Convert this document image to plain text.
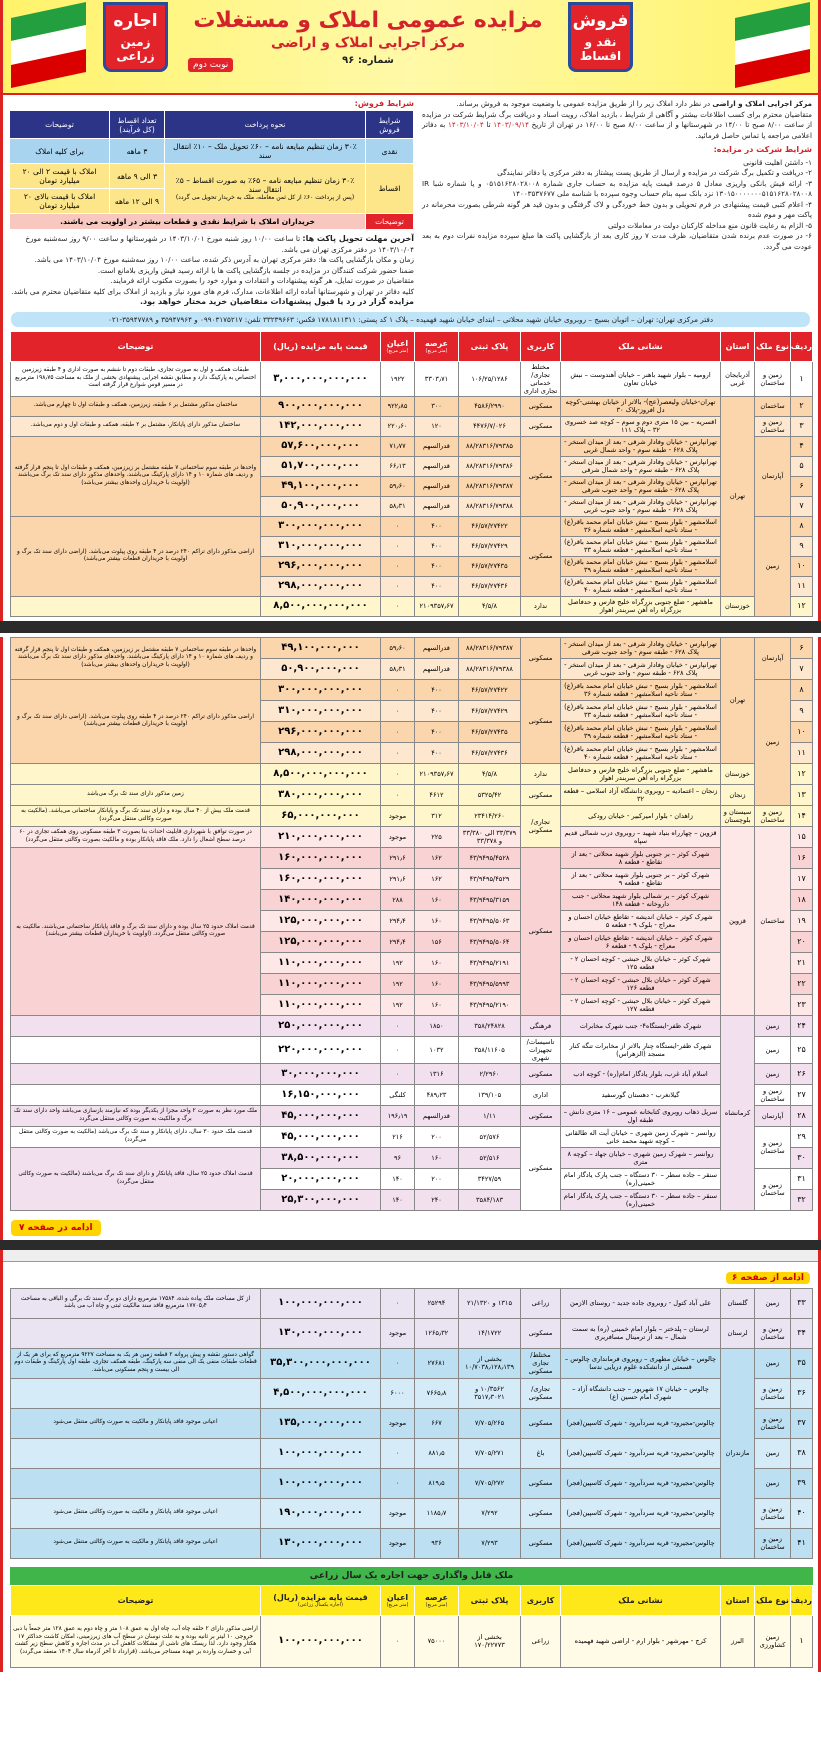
فروش
نقد و اقساط
اجاره
زمین زراعی
مزایده عمومی املاک و مستغلات
مرکز اجرایی املاک و اراضی
شماره: ۹۶
نوبت دوم

مرکز اجرایی املاک و اراضی در نظر دارد املاک زیر را از طریق مزایده عمومی با وضعیت موجود به فروش برساند.

متقاضیان محترم برای کسب اطلاعات بیشتر و آگاهی از شرایط ، بازدید املاک، رویت اسناد و دریافت برگ شرایط شرکت در مزایده از ساعت ۸/۰۰ صبح تا ۱۴/۰۰ در شهرستانها و از ساعت ۸/۰۰ صبح تا ۱۶/۰۰ در تهران از تاریخ ۱۴۰۳/۰۹/۱۴ تا ۱۴۰۳/۱۰/۰۴ به دفاتر اعلامی مراجعه یا تماس حاصل فرمائید.

شرایط شرکت در مزایده:
۱- داشتن اهلیت قانونی
۲- دریافت و تکمیل برگ شرکت در مزایده و ارسال از طریق پست پیشتاز به دفتر مرکزی یا دفاتر نمایندگی
۳- ارائه فیش بانکی واریزی معادل ۵ درصد قیمت پایه مزایده به حساب جاری شماره ۰۵۱۵۱۶۲۸۰۲۸۰۰۸ و یا شماره شبا IR ۱۳۰۱۵۰۰۰۰۰۰۰۵۱۵۱۶۲۸۰۲۸۰۰۸ نزد بانک سپه بنام حساب وجوه سپرده با شناسه ملی ۱۴۰۰۳۵۳۷۶۷۷
۴- اعلام کتبی قیمت پیشنهادی در فرم تحویلی و بدون خط خوردگی و لاک گرفتگی و بدون قید هر گونه شرطی بصورت محرمانه در پاکت مهر و موم شده
۵- الزام به رعایت قانون منع مداخله کارکنان دولت در معاملات دولتی
۶- در صورت عدم برنده شدن متقاضیان، ظرف مدت ۷ روز کاری بعد از بازگشایی پاکت ها مبلغ سپرده مزایده نفرات دوم به بعد عودت می گردد.
شرایط فروش:
شرایط فروش	نحوه پرداخت	تعداد اقساط (کل فرآیند)	توضیحات
نقدی	۳۰٪ زمان تنظیم مبایعه نامه – ۶۰٪ تحویل ملک – ۱۰٪ انتقال سند	۳ ماهه	برای کلیه املاک
اقساط	۳۰٪ زمان تنظیم مبایعه نامه – ۶۵٪ به صورت اقساط – ۵٪ انتقال سند
(پس از پرداخت ۶۰٪ از کل ثمن معامله، ملک به خریدار تحویل می گردد)	۳ الی ۹ ماهه	املاک با قیمت ۲ الی ۲۰ میلیارد تومان
		۹ الی ۱۲ ماهه	املاک با قیمت بالای ۲۰ میلیارد تومان
توضیحات	خریداران املاک با شرایط نقدی و قطعات بیشتر در اولویت می باشند.		
آخرین مهلت تحویل پاکت ها: تا ساعت ۱۰/۰۰ روز شنبه مورخ ۱۴۰۳/۱۰/۰۱ در شهرستانها و ساعت ۹/۰۰ روز سه‌شنبه مورخ ۱۴۰۳/۱۰/۰۴ در دفتر مرکزی تهران می باشد.
زمان و مکان بازگشایی پاکت ها: دفتر مرکزی تهران به آدرس ذکر شده، ساعت ۱۰/۰۰ روز سه‌شنبه مورخ ۱۴۰۳/۱۰/۰۴ می باشد.
ضمنا حضور شرکت کنندگان در مزایده در جلسه بازگشایی پاکت ها با ارائه رسید فیش واریزی بلامانع است.
متقاضیان در صورت تمایل، هر گونه پیشنهادات و انتقادات و موارد خود را بصورت مکتوب ارائه فرمایند.
کلیه دفاتر در تهران و شهرستانها آماده ارائه اطلاعات، مدارک، فرم های مورد نیاز و بازدید از املاک برای کلیه متقاضیان محترم می باشد.
مزایده گزار در رد یا قبول پیشنهادات متقاضیان خرید مختار خواهد بود.
دفتر مرکزی تهران: تهران – اتوبان بسیج – روبروی خیابان شهید محلاتی – ابتدای خیابان شهید فهمیده – پلاک ۱ کد پستی: ۱۷۸۱۸۱۱۳۱۱ فکس: ۳۳۲۳۹۶۶۳ تلفن: ۰۹۹۰۳۱۷۵۲۱۷ و ۳۵۹۴۷۹۶۴ و ۳۵۹۴۷۷۸۹-۰۲۱
ردیف	نوع ملک	استان	نشانی ملک	کاربری	پلاک ثبتی	عرصه
(متر مربع)	اعیان
(متر مربع)	قیمت پایه مزایده (ریال)	توضیحات
۱	زمین و ساختمان	آذربایجان غربی	ارومیه – بلوار شهید باهنر – خیابان آهندوست – نبش خیابان تعاون	مختلط تجاری/خدماتی تجاری اداری	۱۰۶/۲۵/۱۲۸۶	۳۳۰۳٫۷۱	۱۹۲۲	۳,۰۰۰,۰۰۰,۰۰۰,۰۰۰	طبقات همکف و اول به صورت تجاری، طبقات دوم تا ششم به صورت اداری و ۴ طبقه زیرزمین اختصاص به پارکینگ دارد و مطابق نقشه اجرایی پیشنهادی بخشی از ملک به مساحت ۱۹۸٫۷۵ مترمربع در مسیر قوس شوارع قرار گرفته است
۲	ساختمان	تهران	تهران-خیابان ولیعصر(عج)- بالاتر از خیابان بهشتی-کوچه دل افروز-پلاک ۳۰	مسکونی	۴۵۸۶/۲۹۹۰	۳۰۰	۹۲۲٫۸۵	۹۰۰,۰۰۰,۰۰۰,۰۰۰	ساختمان مذکور مشتمل بر ۶ طبقه، زیرزمین، همکف و طبقات اول تا چهارم می‌باشد.
۳	زمین و ساختمان		اقسریه – بین ۱۵ متری دوم و سوم – کوچه صد خسروی ۳۲ – پلاک ۱۱۱	مسکونی	۴۴۷۶/۷/۰۲۶	۱۲۰	۲۲۰٫۶۰	۱۴۲,۰۰۰,۰۰۰,۰۰۰	ساختمان مذکور دارای پایانکار، مشتمل بر ۲ طبقه، همکف و طبقات اول و دوم می‌باشد.
۴	آپارتمان		تهرانپارس - خیابان وفادار شرقی - بعد از میدان استخر - پلاک ۶۲۸ - طبقه سوم - واحد شمال غربی	مسکونی	۸۸/۲۸۳۱۶/۷۹۳۸۵	قدرالسهم	۷۱٫۷۷	۵۷,۶۰۰,۰۰۰,۰۰۰	واحدها در طبقه سوم ساختمانی ۷ طبقه مشتمل بر زیرزمین، همکف و طبقات اول تا پنجم قرار گرفته و ردیف های شماره ۱۰ و ۱۴ دارای پارکینگ می‌باشند. واحدهای مذکور دارای سند تک برگ می‌باشند (اولویت با خریداران واحدهای بیشتر می‌باشد)
۵			تهرانپارس - خیابان وفادار شرقی - بعد از میدان استخر - پلاک ۶۲۸ - طبقه سوم - واحد شمال شرقی		۸۸/۲۸۳۱۶/۷۹۳۸۶	قدرالسهم	۶۶٫۱۳	۵۱,۷۰۰,۰۰۰,۰۰۰	
۶			تهرانپارس - خیابان وفادار شرقی - بعد از میدان استخر - پلاک ۶۲۸ - طبقه سوم - واحد جنوب شرقی		۸۸/۲۸۳۱۶/۷۹۳۸۷	قدرالسهم	۵۹٫۶۰	۴۹,۱۰۰,۰۰۰,۰۰۰	
۷			تهرانپارس - خیابان وفادار شرقی - بعد از میدان استخر - پلاک ۶۲۸ - طبقه سوم - واحد جنوب غربی		۸۸/۲۸۳۱۶/۷۹۳۸۸	قدرالسهم	۵۸٫۳۱	۵۰,۹۰۰,۰۰۰,۰۰۰	
۸	زمین		اسلامشهر - بلوار بسیج - نبش خیابان امام محمد باقر(ع) - ستاد ناحیه اسلامشهر - قطعه شماره ۳۶	مسکونی	۴۶/۵۷/۲۷۴۲۲	۴۰۰	۰	۳۰۰,۰۰۰,۰۰۰,۰۰۰	اراضی مذکور دارای تراکم ۲۴۰ درصد در ۴ طبقه روی پیلوت می‌باشد. (اراضی دارای سند تک برگ و اولویت با خریداران قطعات بیشتر می‌باشد)
۹			اسلامشهر - بلوار بسیج - نبش خیابان امام محمد باقر(ع) - ستاد ناحیه اسلامشهر - قطعه شماره ۳۳		۴۶/۵۷/۲۷۴۲۹	۴۰۰	۰	۳۱۰,۰۰۰,۰۰۰,۰۰۰	
۱۰			اسلامشهر - بلوار بسیج - نبش خیابان امام محمد باقر(ع) - ستاد ناحیه اسلامشهر - قطعه شماره ۳۹		۴۶/۵۷/۲۷۴۳۵	۴۰۰	۰	۲۹۶,۰۰۰,۰۰۰,۰۰۰	
۱۱			اسلامشهر - بلوار بسیج - نبش خیابان امام محمد باقر(ع) - ستاد ناحیه اسلامشهر - قطعه شماره ۴۰		۴۶/۵۷/۲۷۴۳۶	۴۰۰	۰	۲۹۸,۰۰۰,۰۰۰,۰۰۰	
۱۲		خوزستان	ماهشهر - ضلع جنوبی بزرگراه خلیج فارس و حدفاصل بزرگراه راه آهن سربندر اهواز	ندارد	۴/۵/۸	۲۱۰۹۳۵۷٫۶۷	۰	۸,۵۰۰,۰۰۰,۰۰۰,۰۰۰	
۶	آپارتمان	تهران	تهرانپارس - خیابان وفادار شرقی - بعد از میدان استخر - پلاک ۶۲۸ - طبقه سوم - واحد جنوب شرقی	مسکونی	۸۸/۲۸۳۱۶/۷۹۳۸۷	قدرالسهم	۵۹٫۶۰	۴۹,۱۰۰,۰۰۰,۰۰۰	واحدها در طبقه سوم ساختمانی ۷ طبقه مشتمل بر زیرزمین، همکف و طبقات اول تا پنجم قرار گرفته و ردیف های شماره ۱۰ و ۱۴ دارای پارکینگ می‌باشند. واحدهای مذکور دارای سند تک برگ می‌باشند (اولویت با خریداران واحدهای بیشتر می‌باشد)
۷			تهرانپارس - خیابان وفادار شرقی - بعد از میدان استخر - پلاک ۶۲۸ - طبقه سوم - واحد جنوب غربی		۸۸/۲۸۳۱۶/۷۹۳۸۸	قدرالسهم	۵۸٫۳۱	۵۰,۹۰۰,۰۰۰,۰۰۰	
۸	زمین		اسلامشهر - بلوار بسیج - نبش خیابان امام محمد باقر(ع) - ستاد ناحیه اسلامشهر - قطعه شماره ۳۶	مسکونی	۴۶/۵۷/۲۷۴۲۲	۴۰۰	۰	۳۰۰,۰۰۰,۰۰۰,۰۰۰	اراضی مذکور دارای تراکم ۲۴۰ درصد در ۴ طبقه روی پیلوت می‌باشد. (اراضی دارای سند تک برگ و اولویت با خریداران قطعات بیشتر می‌باشد)
۹			اسلامشهر - بلوار بسیج - نبش خیابان امام محمد باقر(ع) - ستاد ناحیه اسلامشهر - قطعه شماره ۳۳		۴۶/۵۷/۲۷۴۲۹	۴۰۰	۰	۳۱۰,۰۰۰,۰۰۰,۰۰۰	
۱۰			اسلامشهر - بلوار بسیج - نبش خیابان امام محمد باقر(ع) - ستاد ناحیه اسلامشهر - قطعه شماره ۳۹		۴۶/۵۷/۲۷۴۳۵	۴۰۰	۰	۲۹۶,۰۰۰,۰۰۰,۰۰۰	
۱۱			اسلامشهر - بلوار بسیج - نبش خیابان امام محمد باقر(ع) - ستاد ناحیه اسلامشهر - قطعه شماره ۴۰		۴۶/۵۷/۲۷۴۳۶	۴۰۰	۰	۲۹۸,۰۰۰,۰۰۰,۰۰۰	
۱۲		خوزستان	ماهشهر - ضلع جنوبی بزرگراه خلیج فارس و حدفاصل بزرگراه راه آهن سربندر اهواز	ندارد	۴/۵/۸	۲۱۰۹۳۵۷٫۶۷	۰	۸,۵۰۰,۰۰۰,۰۰۰,۰۰۰	
۱۳		زنجان	زنجان – اعتمادیه – روبروی دانشگاه آزاد اسلامی – قطعه ۳۲	مسکونی	۵۳۲۵/۴۲	۴۶۱۲	۰	۳۸۰,۰۰۰,۰۰۰,۰۰۰	زمین مذکور دارای سند تک برگ می‌باشد
۱۴	زمین و ساختمان	سیستان و بلوچستان	زاهدان - بلوار امیرکبیر - خیابان رودکی	تجاری/مسکونی	۲۳۴۱۴/۲۶۰	۳۱۲	موجود	۶۵,۰۰۰,۰۰۰,۰۰۰	قدمت ملک بیش از ۴۰ سال بوده و دارای سند تک برگ و پایانکار ساختمانی می‌باشد. (مالکیت به صورت وکالتی منتقل می‌گردد)
۱۵	ساختمان	قزوین	قزوین – چهارراه بنیاد شهید – روبروی درب شمالی قدیم سپاه		۳۳/۳۷۹ الی ۳۳/۳۸۰ و ۳۳/۳۷۸	۲۲۵	موجود	۲۱۰,۰۰۰,۰۰۰,۰۰۰	در صورت توافق با شهرداری قابلیت احداث بنا بصورت ۳ طبقه مسکونی روی همکف تجاری در ۶۰ درصد سطح اشغال را دارد. ملک فاقد پایانکار بوده و مالکیت بصورت وکالتی منتقل می‌گردد)
۱۶			شهرک کوثر – بر جنوبی بلوار شهید محلاتی - بعد از تقاطع - قطعه ۸	مسکونی	۴۳/۹۴۹۵/۴۵۲۸	۱۶۲	۲۹۱٫۶	۱۶۰,۰۰۰,۰۰۰,۰۰۰	قدمت املاک حدود ۲۵ سال بوده و دارای سند تک برگ و فاقد پایانکار ساختمانی می‌باشند. مالکیت به صورت وکالتی منتقل می‌گردد. (اولویت با خریداران قطعات بیشتر می‌باشد)
۱۷			شهرک کوثر – بر جنوبی بلوار شهید محلاتی - بعد از تقاطع - قطعه ۹		۴۳/۹۴۹۵/۴۵۲۹	۱۶۲	۲۹۱٫۶	۱۶۰,۰۰۰,۰۰۰,۰۰۰	
۱۸			شهرک کوثر – بر شمالی بلوار شهید محلاتی - جنب داروخانه - قطعه ۱۴۸		۴۳/۹۴۹۵/۳۱۵۹	۱۶۰	۲۸۸	۱۴۰,۰۰۰,۰۰۰,۰۰۰	
۱۹			شهرک کوثر – خیابان اندیشه - تقاطع خیابان احسان و معراج - بلوک ۹ - قطعه ۵		۴۳/۹۴۹۵/۵۰۶۳	۱۶۰	۲۹۴٫۴	۱۲۵,۰۰۰,۰۰۰,۰۰۰	
۲۰			شهرک کوثر – خیابان اندیشه - تقاطع خیابان احسان و معراج - بلوک ۹ - قطعه ۶		۴۳/۹۴۹۵/۵۰۶۴	۱۵۶	۲۹۴٫۴	۱۲۵,۰۰۰,۰۰۰,۰۰۰	
۲۱			شهرک کوثر – خیابان بلال حبشی - کوچه احسان ۲ - قطعه ۱۲۵		۴۳/۹۴۹۵/۲۱۹۱	۱۶۰	۱۹۲	۱۱۰,۰۰۰,۰۰۰,۰۰۰	
۲۲			شهرک کوثر – خیابان بلال حبشی - کوچه احسان ۲ - قطعه ۱۲۶		۴۳/۹۴۹۵/۵۹۹۳	۱۶۰	۱۹۲	۱۱۰,۰۰۰,۰۰۰,۰۰۰	
۲۳			شهرک کوثر – خیابان بلال حبشی - کوچه احسان ۲ - قطعه ۱۲۷		۴۳/۹۴۹۵/۲۱۹۰	۱۶۰	۱۹۲	۱۱۰,۰۰۰,۰۰۰,۰۰۰	
۲۴	زمین	کرمانشاه	شهرک ظفر-ایستگاه۴- جنب شهرک مخابرات	فرهنگی	۳۵۸/۲۴۸۲۸	۱۸۵۰	۰	۲۵۰,۰۰۰,۰۰۰,۰۰۰	
۲۵	زمین		شهرک ظفر-ایستگاه چنار بالاتر از مخابرات تنگه کنار مسجد (الزهراس)	تاسیسات/ تجهیزات شهری	۳۵۸/۱۱۶۰۵	۱۰۳۲	۰	۲۲۰,۰۰۰,۰۰۰,۰۰۰	
۲۶	زمین		اسلام آباد غرب، بلوار یادگار امام(ره) - کوچه ادب	مسکونی	۲/۲۹۶۰	۱۳۱۶	۰	۳۰,۰۰۰,۰۰۰,۰۰۰	
۲۷	زمین و ساختمان		گیلانغرب - دهستان گورسفید	اداری	۱۳۹/۱۰۵	۴۸۹٫۲۳	کلنگی	۱۶,۱۵۰,۰۰۰,۰۰۰	
۲۸	آپارتمان		سرپل ذهاب روبروی کتابخانه عمومی – ۱۶ متری دانش – طبقه اول	مسکونی	۱/۱۱	قدرالسهم	۱۹۶٫۱۹	۴۵,۰۰۰,۰۰۰,۰۰۰	ملک مورد نظر به صورت ۲ واحد مجزا از یکدیگر بوده که نیازمند بازسازی می‌باشد واحد دارای سند تک برگ و مالکیت به صورت وکالتی منتقل می‌گردد
۲۹	زمین و ساختمان		روانسر – شهرک زمین شهری – خیابان آیت اله طالقانی – کوچه شهید محمد خانی	مسکونی	۵۲/۵۷۶	۲۰۰	۲۱۶	۴۵,۰۰۰,۰۰۰,۰۰۰	قدمت ملک حدود ۳۰ سال، دارای پایانکار و سند تک برگ می‌باشد (مالکیت به صورت وکالتی منتقل می‌گردد)
۳۰			روانسر – شهرک زمین شهری – خیابان جهاد – کوچه ۸ متری		۵۲/۵۱۶	۱۶۰	۹۶	۳۸,۵۰۰,۰۰۰,۰۰۰	قدمت املاک حدود ۲۵ سال، فاقد پایانکار و دارای سند تک برگ می‌باشند (مالکیت به صورت وکالتی منتقل می‌گردد)
۳۱	زمین و ساختمان		سنقر – جاده سطر – ۳۰ دستگاه – جنب پارک یادگار امام خمینی(ره)		۳۴۲۷/۵۹	۲۰۰	۱۴۰	۲۰,۰۰۰,۰۰۰,۰۰۰	
۳۲			سنقر – جاده سطر – ۳۰ دستگاه – جنب پارک یادگار امام خمینی(ره)		۳۵۸۴/۱۸۳	۲۴۰	۱۴۰	۲۵,۳۰۰,۰۰۰,۰۰۰	
ادامه در صفحه ۷
ادامه از صفحه ۶
۳۳	زمین	گلستان	علی آباد کتول - روبروی جاده جدید - روستای الازمن	زراعی	۱۳۱۵ و ۲۱/۱۳۲۰	۲۵۲۹۴	۰	۱۰۰,۰۰۰,۰۰۰,۰۰۰	از کل مساحت ملک پیاده شده، ۱۷۵۸۴ مترمربع دارای دو برگ سند تک برگی و الباقی به مساحت ۱۷۷۰۵٫۴ مترمربع فاقد سند مالکیت ثبتی و چاه آب می باشد
۳۴	زمین و ساختمان	لرستان	لرستان – پلدختر – بلوار امام خمینی (ره) به سمت شمال – بعد از ترمینال مسافربری	مسکونی	۱۴/۱۷۲۲	۱۲۶۵٫۳۲	موجود	۱۳۰,۰۰۰,۰۰۰,۰۰۰	
۳۵	زمین	مازندران	چالوس – خیابان مطهری – روبروی فرمانداری چالوس – قسمتی از دانشکده علوم دریایی ندسا	مختلط/ تجاری مسکونی	بخشی از ۱۰/۷۰۳۸٫۱۲۸٫۱۳۹	۲۷۶۸۱	۰	۳۵,۳۰۰,۰۰۰,۰۰۰,۰۰۰	گواهی دستور نقشه و پیش پروانه ۲ قطعه زمین هر یک به مساحت ۹۲۲۷ مترمربع که برای هر یک از قطعات طبقات منفی یک الی منفی سه پارکینگ، طبقه همکف تجاری، طبقه اول پارکینگ و طبقات دوم الی بیست و پنجم مسکونی می‌باشد.
۳۶	زمین و ساختمان		چالوس – خیابان ۱۷ شهریور – جنب دانشگاه آزاد – شهرک امام حسین (ع)	تجاری/مسکونی	۱۰/۳۵۶۲ و ۳۵۱۷٫۳۰۲۱	۷۶۶۵٫۸	۶۰۰۰	۴,۵۰۰,۰۰۰,۰۰۰,۰۰۰	
۳۷	زمین و ساختمان		چالوس-مجیرود- قریه سردآبرود - شهرک کاسپین(فجر)	مسکونی	۷/۷۰۵/۲۶۵	۶۶۷	موجود	۱۳۵,۰۰۰,۰۰۰,۰۰۰	اعیانی موجود فاقد پایانکار و مالکیت به صورت وکالتی منتقل می‌شود
۳۸	زمین		چالوس-مجیرود- قریه سردآبرود - شهرک کاسپین(فجر)	باغ	۷/۷۰۵/۲۷۱	۸۸۱٫۵	۰	۱۰۰,۰۰۰,۰۰۰,۰۰۰	
۳۹	زمین		چالوس-مجیرود- قریه سردآبرود - شهرک کاسپین(فجر)	مسکونی	۷/۷۰۵/۲۷۲	۸۱۹٫۵	۰	۱۰۰,۰۰۰,۰۰۰,۰۰۰	
۴۰	زمین و ساختمان		چالوس-مجیرود- قریه سردآبرود - شهرک کاسپین(فجر)	مسکونی	۷/۲۹۲	۱۱۸۵٫۷	موجود	۱۹۰,۰۰۰,۰۰۰,۰۰۰	اعیانی موجود فاقد پایانکار و مالکیت به صورت وکالتی منتقل می‌شود
۴۱	زمین و ساختمان		چالوس-مجیرود- قریه سردآبرود - شهرک کاسپین(فجر)	مسکونی	۷/۲۹۳	۹۳۶	موجود	۱۳۰,۰۰۰,۰۰۰,۰۰۰	اعیانی موجود فاقد پایانکار و مالکیت به صورت وکالتی منتقل می‌شود
ملک قابل واگذاری جهت اجاره یک سال زراعی
ردیف	نوع ملک	استان	نشانی ملک	کاربری	پلاک ثبتی	عرصه
(متر مربع)	اعیان
(متر مربع)	قیمت پایه مزایده (ریال)
(اجاره یکسال زراعی)	توضیحات
۱	زمین کشاورزی	البرز	کرج - مهرشهر - بلوار ارم - اراضی شهید فهمیده	زراعی	بخشی از ۱۷۰/۲۲۷۷۳	۷۵۰۰۰	۰	۱۰۰,۰۰۰,۰۰۰,۰۰۰	اراضی مذکور دارای ۲ حلقه چاه آب، چاه اول به عمق ۱۰۸ متر و چاه دوم به عمق ۱۲۸ متر جمعاً با دبی خروجی ۱۰ لیتر بر ثانیه بوده و به علت نوسان در سطح آب های زیرزمینی، امکان کاشت حداکثر ۱۷ هکتار وجود دارد. لذا ریسک های ناشی از مشکلات کاهش آب در مدت اجاره و کاهش سطح زیر کشت آبی و خسارت وارده بر عهده مستاجر می‌باشد. (قرارداد تا آخر آذرماه سال ۱۴۰۴ منعقد می‌گردد)
